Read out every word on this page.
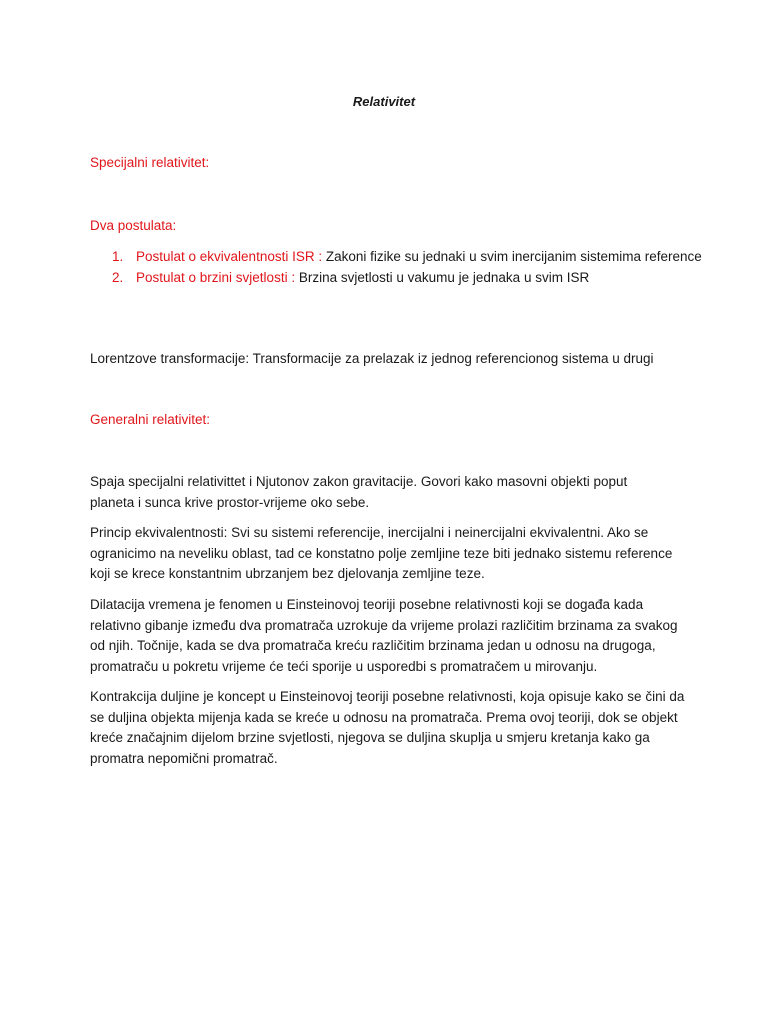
Relativitet
Specijalni relativitet:
Dva postulata:
1. Postulat o ekvivalentnosti ISR : Zakoni fizike su jednaki u svim inercijanim sistemima reference
2. Postulat o brzini svjetlosti : Brzina svjetlosti u vakumu je jednaka u svim ISR
Lorentzove transformacije: Transformacije za prelazak iz jednog referencionog sistema u drugi
Generalni relativitet:
Spaja specijalni relativittet i Njutonov zakon gravitacije. Govori kako masovni objekti poput planeta i sunca krive prostor-vrijeme oko sebe.
Princip ekvivalentnosti: Svi su sistemi referencije, inercijalni i neinercijalni ekvivalentni. Ako se ogranicimo na neveliku oblast, tad ce konstatno polje zemljine teze biti jednako sistemu reference koji se krece konstantnim ubrzanjem bez djelovanja zemljine teze.
Dilatacija vremena je fenomen u Einsteinovoj teoriji posebne relativnosti koji se događa kada relativno gibanje između dva promatrača uzrokuje da vrijeme prolazi različitim brzinama za svakog od njih. Točnije, kada se dva promatrača kreću različitim brzinama jedan u odnosu na drugoga, promatraču u pokretu vrijeme će teći sporije u usporedbi s promatračem u mirovanju.
Kontrakcija duljine je koncept u Einsteinovoj teoriji posebne relativnosti, koja opisuje kako se čini da se duljina objekta mijenja kada se kreće u odnosu na promatrača. Prema ovoj teoriji, dok se objekt kreće značajnim dijelom brzine svjetlosti, njegova se duljina skuplja u smjeru kretanja kako ga promatra nepomični promatrač.
